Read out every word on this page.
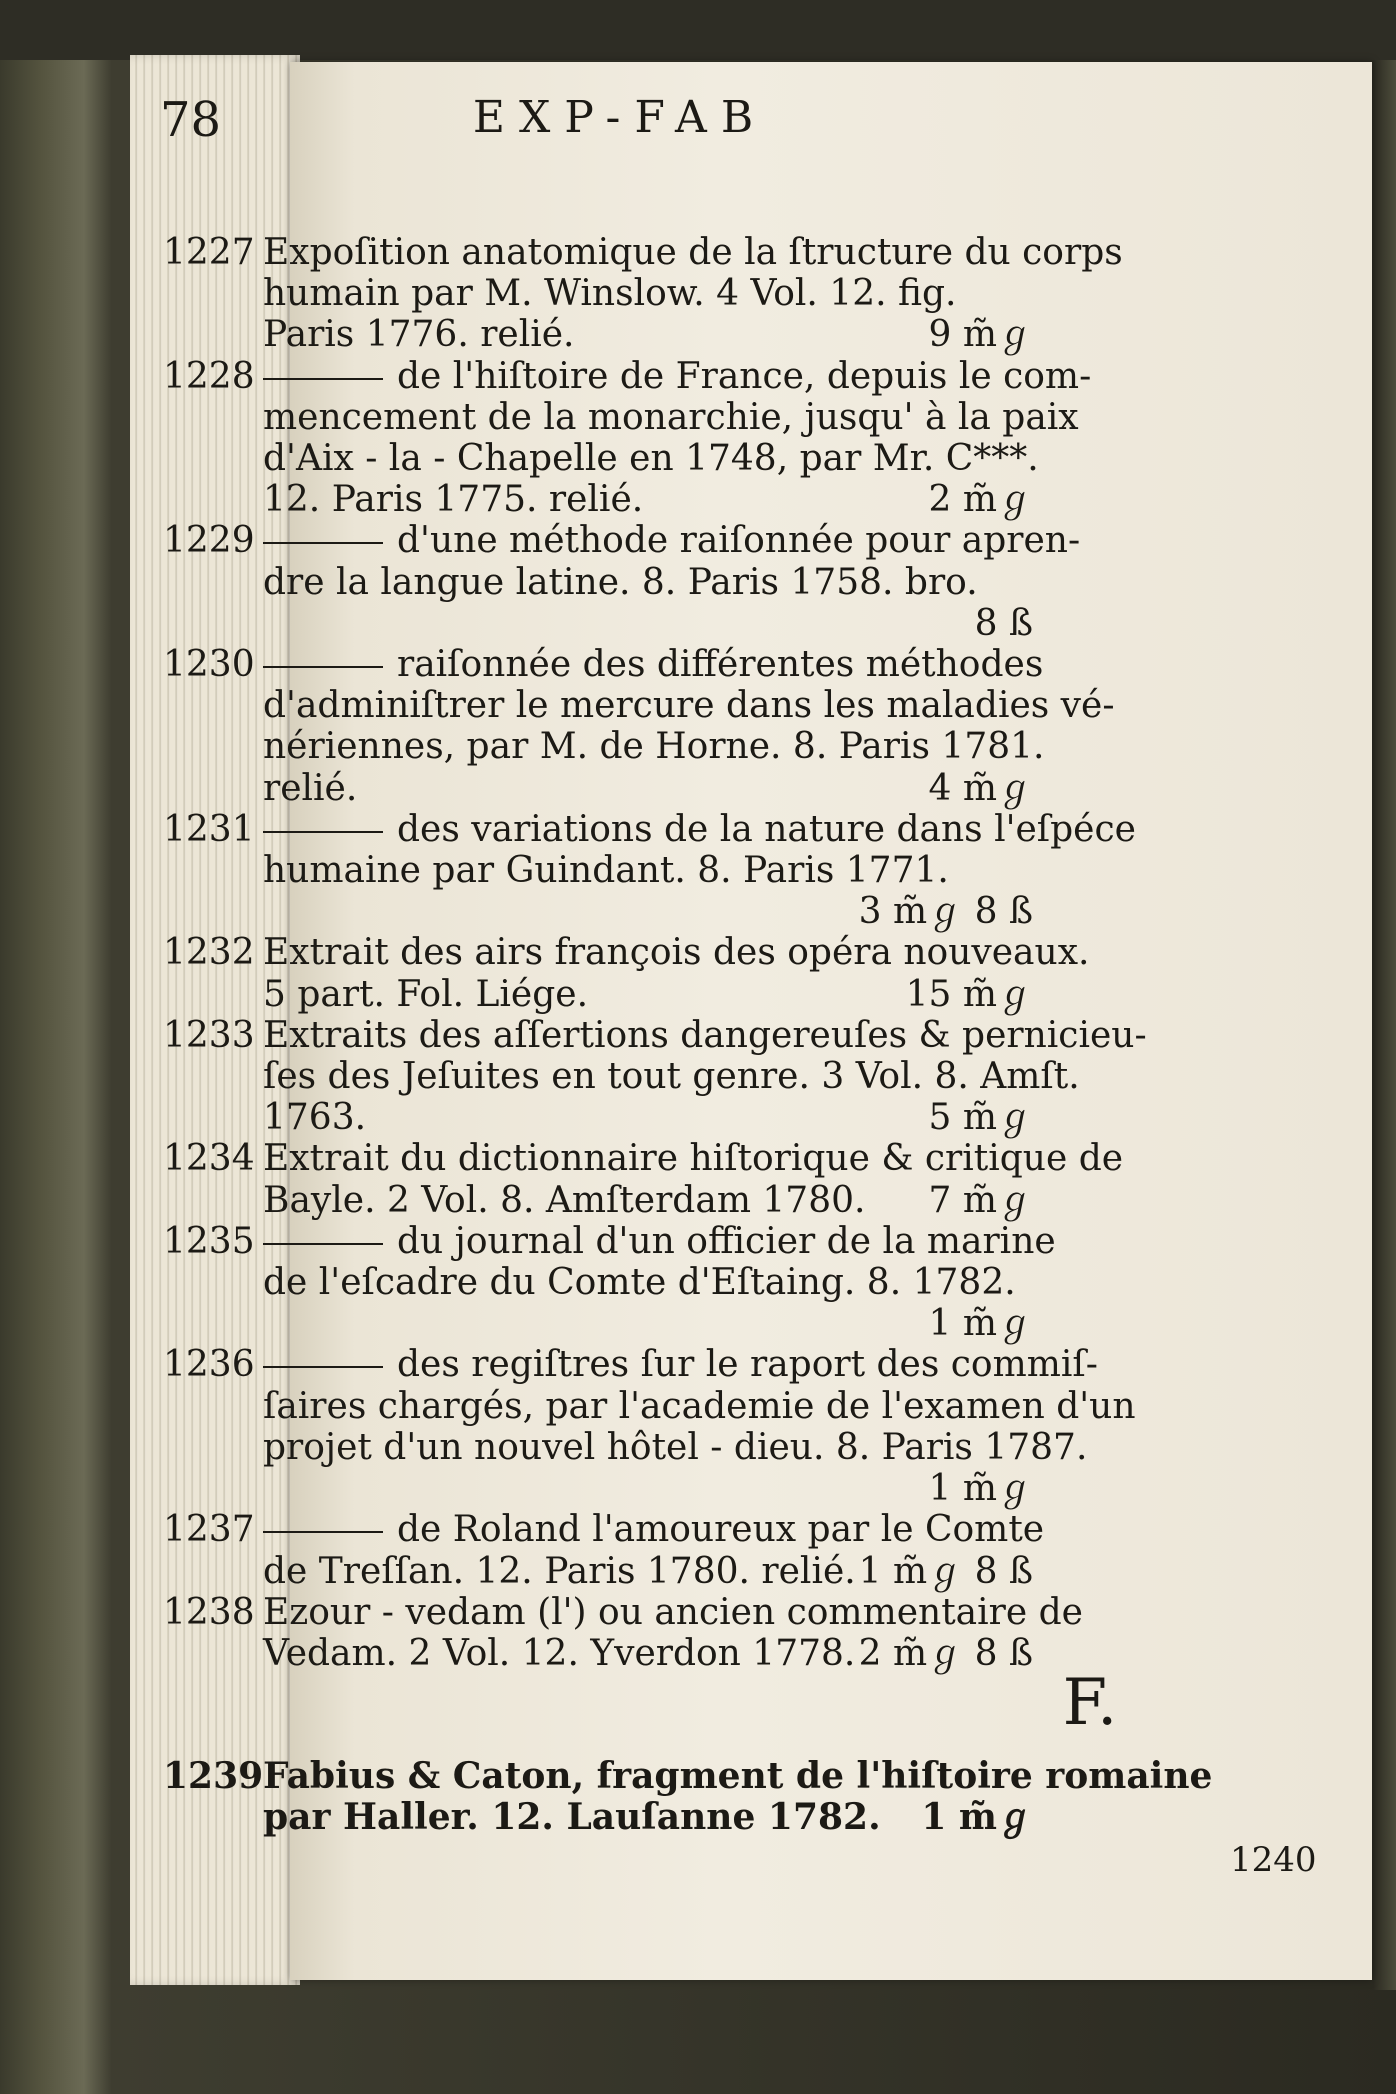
78	EXP-FAB
1227 Expoſition anatomique de la ſtructure du corps
humain par M. Winslow. 4 Vol. 12. fig.
Paris 1776. relié.	9 m̃ℊ
1228	de l'hiſtoire de France, depuis le com-
mencement de la monarchie, jusqu' à la paix
d'Aix - la - Chapelle en 1748, par Mr. C***.
12. Paris 1775. relié.	2 m̃ℊ
1229	d'une méthode raiſonnée pour apren-
dre la langue latine. 8. Paris 1758. bro.
8 ß
1230	raiſonnée des différentes méthodes
d'adminiſtrer le mercure dans les maladies vé-
nériennes, par M. de Horne. 8. Paris 1781.
relié.	4 m̃ℊ
1231	des variations de la nature dans l'eſpéce
humaine par Guindant. 8. Paris 1771.
3 m̃ℊ 8 ß
1232 Extrait des airs françois des opéra nouveaux.
5 part. Fol. Liége.	15 m̃ℊ
1233 Extraits des aſſertions dangereuſes & pernicieu-
ſes des Jeſuites en tout genre. 3 Vol. 8. Amſt.
1763.	5 m̃ℊ
1234 Extrait du dictionnaire hiſtorique & critique de
Bayle. 2 Vol. 8. Amſterdam 1780. 7 m̃ℊ
1235	du journal d'un officier de la marine
de l'eſcadre du Comte d'Eſtaing. 8. 1782.
1 m̃ℊ
1236	des regiſtres ſur le raport des commiſ-
ſaires chargés, par l'academie de l'examen d'un
projet d'un nouvel hôtel - dieu. 8. Paris 1787.
1 m̃ℊ
1237	de Roland l'amoureux par le Comte
de Treſſan. 12. Paris 1780. relié. 1 m̃ℊ 8 ß
1238 Ezour - vedam (l') ou ancien commentaire de
Vedam. 2 Vol. 12. Yverdon 1778. 2 m̃ℊ 8 ß
F.
1239 Fabius & Caton, fragment de l'hiſtoire romaine
par Haller. 12. Lauſanne 1782. 1 m̃ℊ
1240
